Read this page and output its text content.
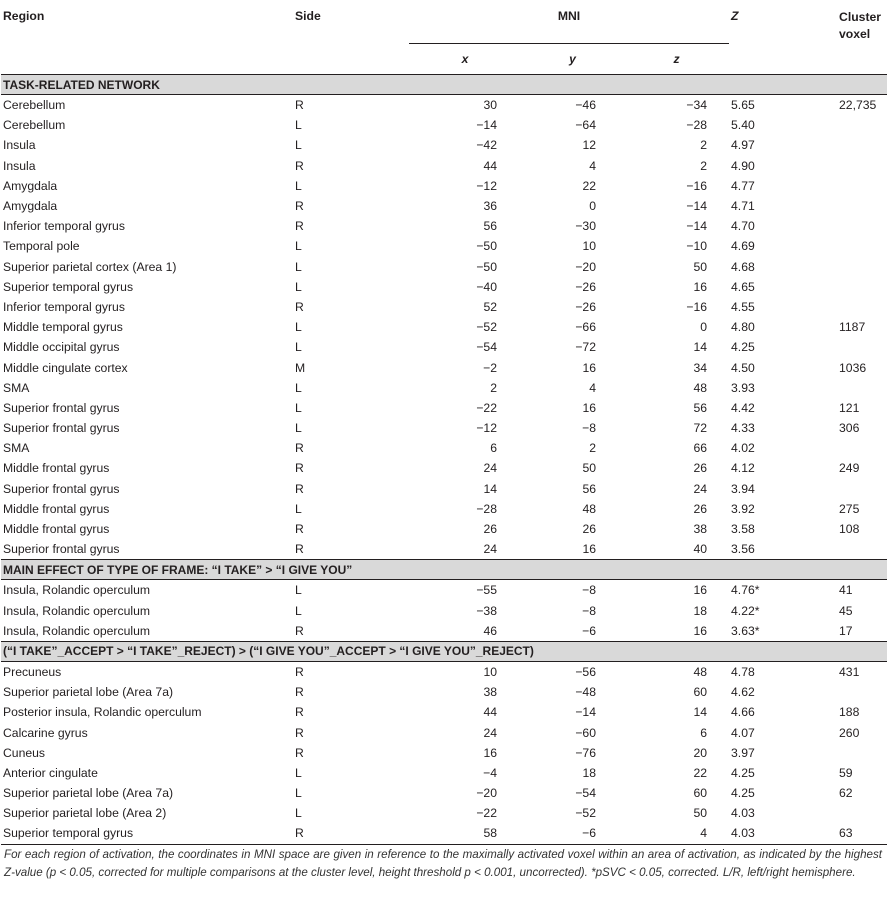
Region	Side	MNI			Z	Cluster voxel
		x	y	z		
TASK-RELATED NETWORK						
Cerebellum	R	30	−46	−34	5.65	22,735
Cerebellum	L	−14	−64	−28	5.40	
Insula	L	−42	12	2	4.97	
Insula	R	44	4	2	4.90	
Amygdala	L	−12	22	−16	4.77	
Amygdala	R	36	0	−14	4.71	
Inferior temporal gyrus	R	56	−30	−14	4.70	
Temporal pole	L	−50	10	−10	4.69	
Superior parietal cortex (Area 1)	L	−50	−20	50	4.68	
Superior temporal gyrus	L	−40	−26	16	4.65	
Inferior temporal gyrus	R	52	−26	−16	4.55	
Middle temporal gyrus	L	−52	−66	0	4.80	1187
Middle occipital gyrus	L	−54	−72	14	4.25	
Middle cingulate cortex	M	−2	16	34	4.50	1036
SMA	L	2	4	48	3.93	
Superior frontal gyrus	L	−22	16	56	4.42	121
Superior frontal gyrus	L	−12	−8	72	4.33	306
SMA	R	6	2	66	4.02	
Middle frontal gyrus	R	24	50	26	4.12	249
Superior frontal gyrus	R	14	56	24	3.94	
Middle frontal gyrus	L	−28	48	26	3.92	275
Middle frontal gyrus	R	26	26	38	3.58	108
Superior frontal gyrus	R	24	16	40	3.56	
MAIN EFFECT OF TYPE OF FRAME: “I TAKE” > “I GIVE YOU”						
Insula, Rolandic operculum	L	−55	−8	16	4.76*	41
Insula, Rolandic operculum	L	−38	−8	18	4.22*	45
Insula, Rolandic operculum	R	46	−6	16	3.63*	17
(“I TAKE”_ACCEPT > “I TAKE”_REJECT) > (“I GIVE YOU”_ACCEPT > “I GIVE YOU”_REJECT)						
Precuneus	R	10	−56	48	4.78	431
Superior parietal lobe (Area 7a)	R	38	−48	60	4.62	
Posterior insula, Rolandic operculum	R	44	−14	14	4.66	188
Calcarine gyrus	R	24	−60	6	4.07	260
Cuneus	R	16	−76	20	3.97	
Anterior cingulate	L	−4	18	22	4.25	59
Superior parietal lobe (Area 7a)	L	−20	−54	60	4.25	62
Superior parietal lobe (Area 2)	L	−22	−52	50	4.03	
Superior temporal gyrus	R	58	−6	4	4.03	63
For each region of activation, the coordinates in MNI space are given in reference to the maximally activated voxel within an area of activation, as indicated by the highest Z-value (p < 0.05, corrected for multiple comparisons at the cluster level, height threshold p < 0.001, uncorrected). *pSVC < 0.05, corrected. L/R, left/right hemisphere.
